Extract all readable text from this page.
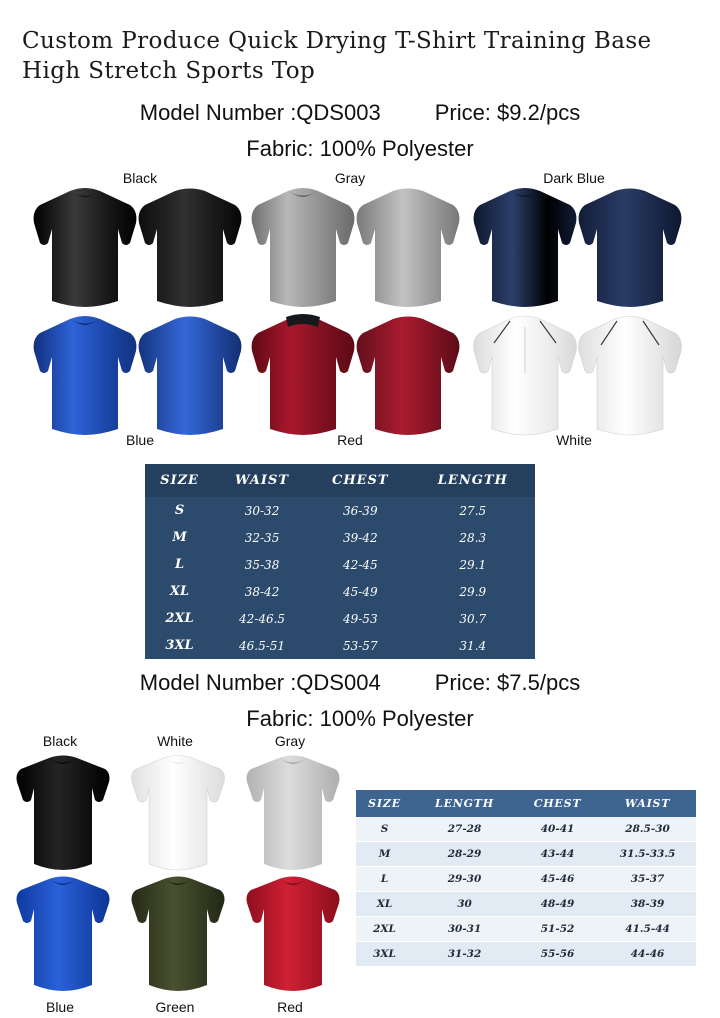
Custom Produce Quick Drying T-Shirt Training Base High Stretch Sports Top
Model Number :QDS003 Price: $9.2/pcs
Fabric: 100% Polyester
Black	Gray	Dark Blue
Blue	Red	White
SIZE	WAIST	CHEST	LENGTH
S	30-32	36-39	27.5
M	32-35	39-42	28.3
L	35-38	42-45	29.1
XL	38-42	45-49	29.9
2XL	42-46.5	49-53	30.7
3XL	46.5-51	53-57	31.4
Model Number :QDS004 Price: $7.5/pcs
Fabric: 100% Polyester
Black	White	Gray
Blue	Green	Red
SIZE	LENGTH	CHEST	WAIST
S	27-28	40-41	28.5-30
M	28-29	43-44	31.5-33.5
L	29-30	45-46	35-37
XL	30	48-49	38-39
2XL	30-31	51-52	41.5-44
3XL	31-32	55-56	44-46
